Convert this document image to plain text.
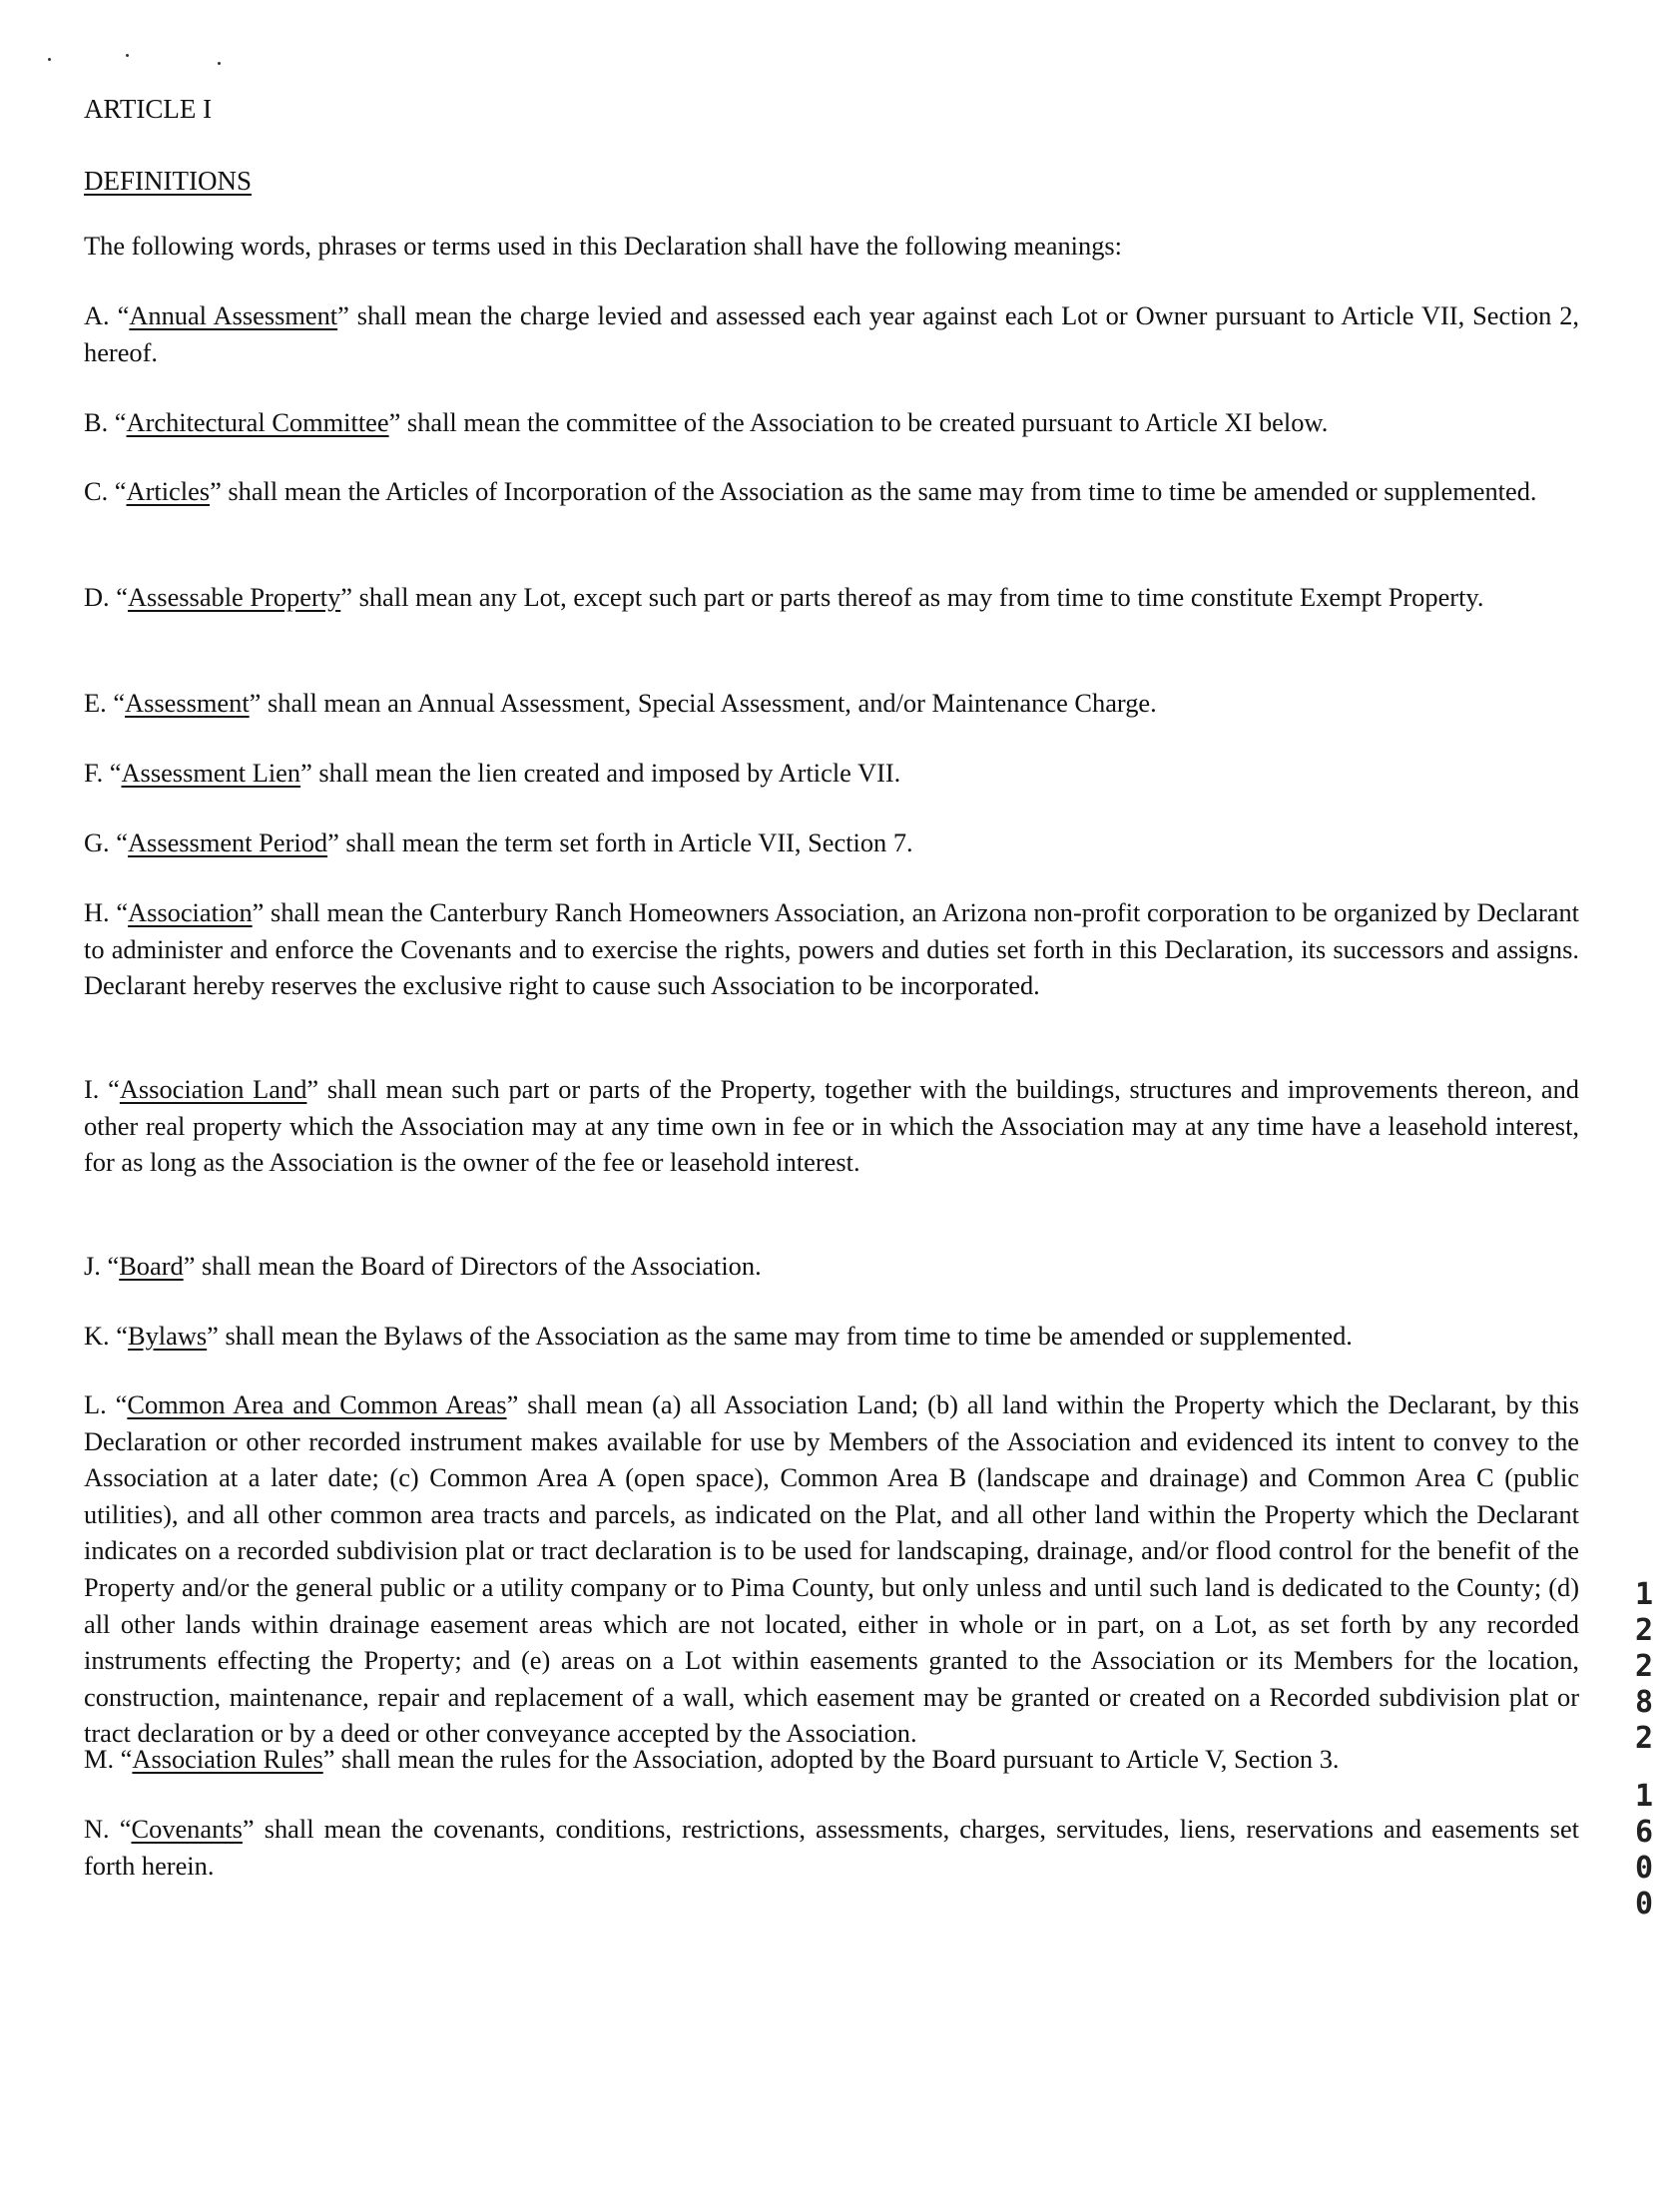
ARTICLE I
DEFINITIONS
The following words, phrases or terms used in this Declaration shall have the following meanings:
A. “Annual Assessment” shall mean the charge levied and assessed each year against each Lot or Owner pursuant to Article VII, Section 2, hereof.
B. “Architectural Committee” shall mean the committee of the Association to be created pursuant to Article XI below.
C. “Articles” shall mean the Articles of Incorporation of the Association as the same may from time to time be amended or supplemented.
D. “Assessable Property” shall mean any Lot, except such part or parts thereof as may from time to time constitute Exempt Property.
E. “Assessment” shall mean an Annual Assessment, Special Assessment, and/or Maintenance Charge.
F. “Assessment Lien” shall mean the lien created and imposed by Article VII.
G. “Assessment Period” shall mean the term set forth in Article VII, Section 7.
H. “Association” shall mean the Canterbury Ranch Homeowners Association, an Arizona non-profit corporation to be organized by Declarant to administer and enforce the Covenants and to exercise the rights, powers and duties set forth in this Declaration, its successors and assigns. Declarant hereby reserves the exclusive right to cause such Association to be incorporated.
I. “Association Land” shall mean such part or parts of the Property, together with the buildings, structures and improvements thereon, and other real property which the Association may at any time own in fee or in which the Association may at any time have a leasehold interest, for as long as the Association is the owner of the fee or leasehold interest.
J. “Board” shall mean the Board of Directors of the Association.
K. “Bylaws” shall mean the Bylaws of the Association as the same may from time to time be amended or supplemented.
L. “Common Area and Common Areas” shall mean (a) all Association Land; (b) all land within the Property which the Declarant, by this Declaration or other recorded instrument makes available for use by Members of the Association and evidenced its intent to convey to the Association at a later date; (c) Common Area A (open space), Common Area B (landscape and drainage) and Common Area C (public utilities), and all other common area tracts and parcels, as indicated on the Plat, and all other land within the Property which the Declarant indicates on a recorded subdivision plat or tract declaration is to be used for landscaping, drainage, and/or flood control for the benefit of the Property and/or the general public or a utility company or to Pima County, but only unless and until such land is dedicated to the County; (d) all other lands within drainage easement areas which are not located, either in whole or in part, on a Lot, as set forth by any recorded instruments effecting the Property; and (e) areas on a Lot within easements granted to the Association or its Members for the location, construction, maintenance, repair and replacement of a wall, which easement may be granted or created on a Recorded subdivision plat or tract declaration or by a deed or other conveyance accepted by the Association.
M. “Association Rules” shall mean the rules for the Association, adopted by the Board pursuant to Article V, Section 3.
N. “Covenants” shall mean the covenants, conditions, restrictions, assessments, charges, servitudes, liens, reservations and easements set forth herein.
1
2
2
8
2
1
6
0
0
